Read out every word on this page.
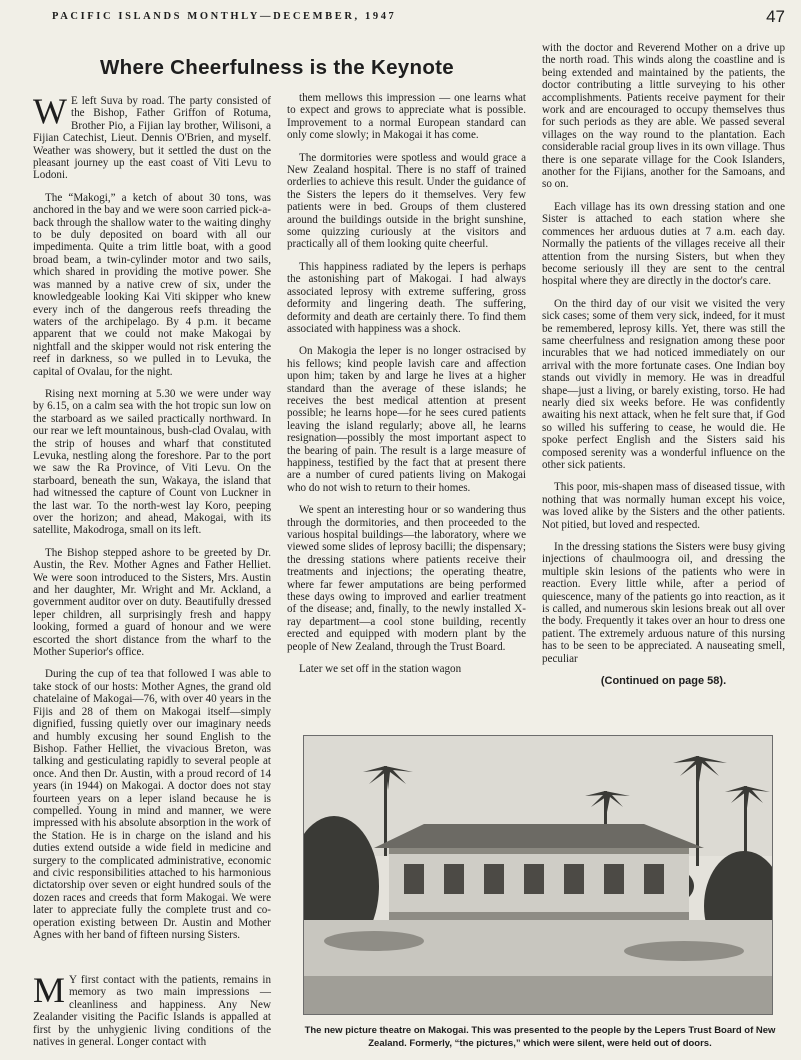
PACIFIC ISLANDS MONTHLY—DECEMBER, 1947	47
Where Cheerfulness is the Keynote

W E left Suva by road. The party consisted of the Bishop, Father Griffon of Rotuma, Brother Pio, a Fijian lay brother, Wilisoni, a Fijian Catechist, Lieut. Dennis O'Brien, and myself. Weather was showery, but it settled the dust on the pleasant journey up the east coast of Viti Levu to Lodoni.

The “Makogi,” a ketch of about 30 tons, was anchored in the bay and we were soon carried pick-a-back through the shallow water to the waiting dinghy to be duly deposited on board with all our impedimenta. Quite a trim little boat, with a good broad beam, a twin-cylinder motor and two sails, which shared in providing the motive power. She was manned by a native crew of six, under the knowledgeable looking Kai Viti skipper who knew every inch of the dangerous reefs threading the waters of the archipelago. By 4 p.m. it became apparent that we could not make Makogai by nightfall and the skipper would not risk entering the reef in darkness, so we pulled in to Levuka, the capital of Ovalau, for the night.

Rising next morning at 5.30 we were under way by 6.15, on a calm sea with the hot tropic sun low on the starboard as we sailed practically northward. In our rear we left mountainous, bush-clad Ovalau, with the strip of houses and wharf that constituted Levuka, nestling along the foreshore. Par to the port we saw the Ra Province, of Viti Levu. On the starboard, beneath the sun, Wakaya, the island that had witnessed the capture of Count von Luckner in the last war. To the north-west lay Koro, peeping over the horizon; and ahead, Makogai, with its satellite, Makodroga, small on its left.

The Bishop stepped ashore to be greeted by Dr. Austin, the Rev. Mother Agnes and Father Helliet. We were soon introduced to the Sisters, Mrs. Austin and her daughter, Mr. Wright and Mr. Ackland, a government auditor over on duty. Beautifully dressed leper children, all surprisingly fresh and happy looking, formed a guard of honour and we were escorted the short distance from the wharf to the Mother Superior's office.

During the cup of tea that followed I was able to take stock of our hosts: Mother Agnes, the grand old chatelaine of Makogai—76, with over 40 years in the Fijis and 28 of them on Makogai itself—simply dignified, fussing quietly over our imaginary needs and humbly excusing her sound English to the Bishop. Father Helliet, the vivacious Breton, was talking and gesticulating rapidly to several people at once. And then Dr. Austin, with a proud record of 14 years (in 1944) on Makogai. A doctor does not stay fourteen years on a leper island because he is compelled. Young in mind and manner, we were impressed with his absolute absorption in the work of the Station. He is in charge on the island and his duties extend outside a wide field in medicine and surgery to the complicated administrative, economic and civic responsibilities attached to his harmonious dictatorship over seven or eight hundred souls of the dozen races and creeds that form Makogai. We were later to appreciate fully the complete trust and co-operation existing between Dr. Austin and Mother Agnes with her band of fifteen nursing Sisters.

M Y first contact with the patients, remains in memory as two main impressions — cleanliness and happiness. Any New Zealander visiting the Pacific Islands is appalled at first by the unhygienic living conditions of the natives in general. Longer contact with

them mellows this impression — one learns what to expect and grows to appreciate what is possible. Improvement to a normal European standard can only come slowly; in Makogai it has come.

The dormitories were spotless and would grace a New Zealand hospital. There is no staff of trained orderlies to achieve this result. Under the guidance of the Sisters the lepers do it themselves. Very few patients were in bed. Groups of them clustered around the buildings outside in the bright sunshine, some quizzing curiously at the visitors and practically all of them looking quite cheerful.

This happiness radiated by the lepers is perhaps the astonishing part of Makogai. I had always associated leprosy with extreme suffering, gross deformity and lingering death. The suffering, deformity and death are certainly there. To find them associated with happiness was a shock.

On Makogia the leper is no longer ostracised by his fellows; kind people lavish care and affection upon him; taken by and large he lives at a higher standard than the average of these islands; he receives the best medical attention at present possible; he learns hope—for he sees cured patients leaving the island regularly; above all, he learns resignation—possibly the most important aspect to the bearing of pain. The result is a large measure of happiness, testified by the fact that at present there are a number of cured patients living on Makogai who do not wish to return to their homes.

We spent an interesting hour or so wandering thus through the dormitories, and then proceeded to the various hospital buildings—the laboratory, where we viewed some slides of leprosy bacilli; the dispensary; the dressing stations where patients receive their treatments and injections; the operating theatre, where far fewer amputations are being performed these days owing to improved and earlier treatment of the disease; and, finally, to the newly installed X-ray department—a cool stone building, recently erected and equipped with modern plant by the people of New Zealand, through the Trust Board.

Later we set off in the station wagon

with the doctor and Reverend Mother on a drive up the north road. This winds along the coastline and is being extended and maintained by the patients, the doctor contributing a little surveying to his other accomplishments. Patients receive payment for their work and are encouraged to occupy themselves thus for such periods as they are able. We passed several villages on the way round to the plantation. Each considerable racial group lives in its own village. Thus there is one separate village for the Cook Islanders, another for the Fijians, another for the Samoans, and so on.

Each village has its own dressing station and one Sister is attached to each station where she commences her arduous duties at 7 a.m. each day. Normally the patients of the villages receive all their attention from the nursing Sisters, but when they become seriously ill they are sent to the central hospital where they are directly in the doctor's care.

On the third day of our visit we visited the very sick cases; some of them very sick, indeed, for it must be remembered, leprosy kills. Yet, there was still the same cheerfulness and resignation among these poor incurables that we had noticed immediately on our arrival with the more fortunate cases. One Indian boy stands out vividly in memory. He was in dreadful shape—just a living, or barely existing, torso. He had nearly died six weeks before. He was confidently awaiting his next attack, when he felt sure that, if God so willed his suffering to cease, he would die. He spoke perfect English and the Sisters said his composed serenity was a wonderful influence on the other sick patients.

This poor, mis-shapen mass of diseased tissue, with nothing that was normally human except his voice, was loved alike by the Sisters and the other patients. Not pitied, but loved and respected.

In the dressing stations the Sisters were busy giving injections of chaulmoogra oil, and dressing the multiple skin lesions of the patients who were in reaction. Every little while, after a period of quiescence, many of the patients go into reaction, as it is called, and numerous skin lesions break out all over the body. Frequently it takes over an hour to dress one patient. The extremely arduous nature of this nursing has to be seen to be appreciated. A nauseating smell, peculiar

(Continued on page 58).
The new picture theatre on Makogai. This was presented to the people by the Lepers Trust Board of New Zealand. Formerly, “the pictures,” which were silent, were held out of doors.
